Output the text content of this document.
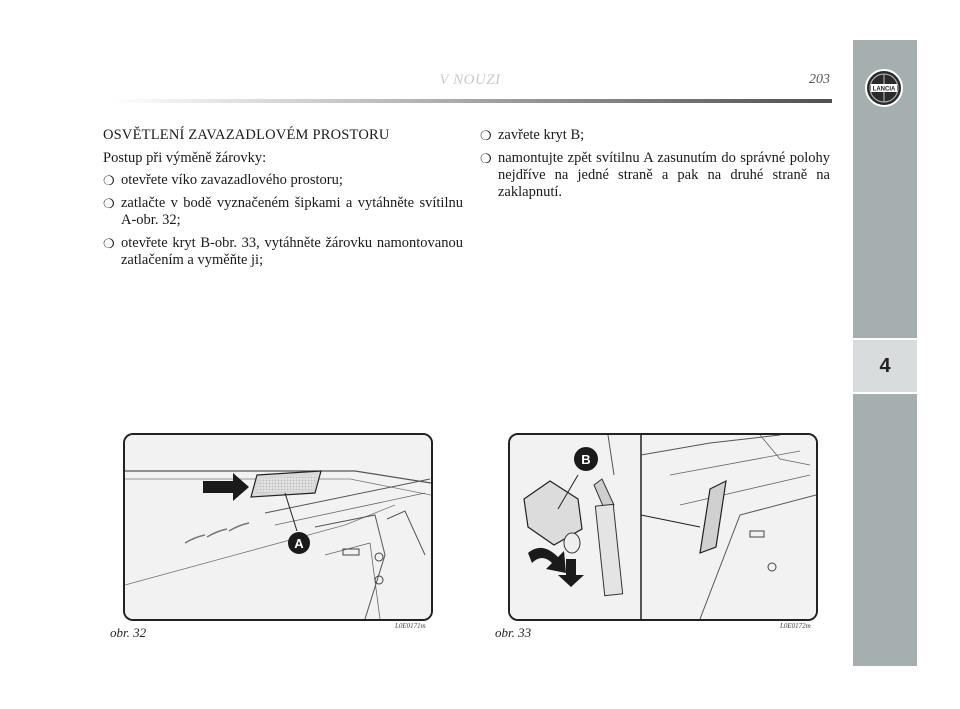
V NOUZI	203
LANCIA
4
OSVĚTLENÍ ZAVAZADLOVÉM PROSTORU
Postup při výměně žárovky:
❍ otevřete víko zavazadlového prostoru;
❍ zatlačte v bodě vyznačeném šipkami a vytáhněte svítilnu A-obr. 32;
❍ otevřete kryt B-obr. 33, vytáhněte žárovku namontovanou zatlačením a vyměňte ji;
❍ zavřete kryt B;
❍ namontujte zpět svítilnu A zasunutím do správné polohy nejdříve na jedné straně a pak na druhé straně na zaklapnutí.
A
obr. 32	L0E0171m
B
obr. 33	L0E0172m
